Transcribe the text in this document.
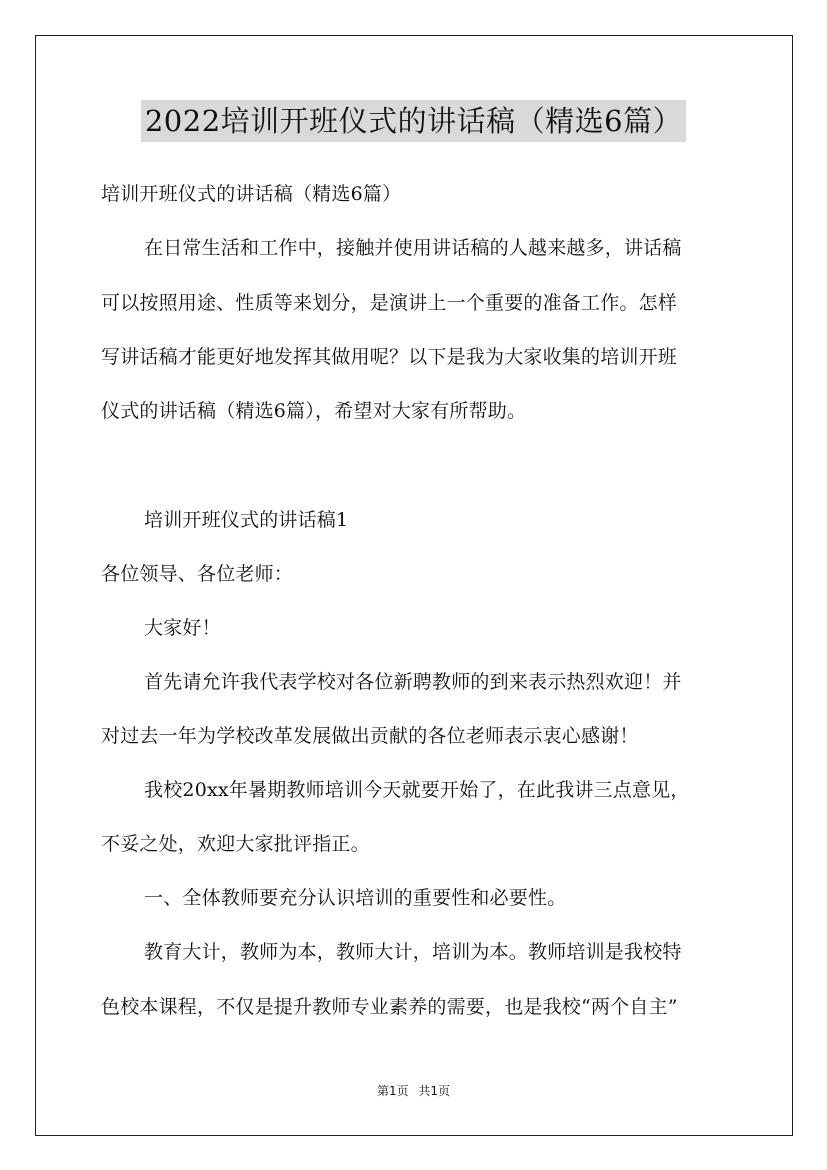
2022培训开班仪式的讲话稿（精选6篇）
培训开班仪式的讲话稿（精选6篇）
在日常生活和工作中，接触并使用讲话稿的人越来越多，讲话稿
可以按照用途、性质等来划分，是演讲上一个重要的准备工作。怎样
写讲话稿才能更好地发挥其做用呢？以下是我为大家收集的培训开班
仪式的讲话稿（精选6篇），希望对大家有所帮助。
培训开班仪式的讲话稿1
各位领导、各位老师：
大家好！
首先请允许我代表学校对各位新聘教师的到来表示热烈欢迎！并
对过去一年为学校改革发展做出贡献的各位老师表示衷心感谢！
我校20xx年暑期教师培训今天就要开始了，在此我讲三点意见，
不妥之处，欢迎大家批评指正。
一、全体教师要充分认识培训的重要性和必要性。
教育大计，教师为本，教师大计，培训为本。教师培训是我校特
色校本课程，不仅是提升教师专业素养的需要，也是我校“两个自主”
第1页 共1页
